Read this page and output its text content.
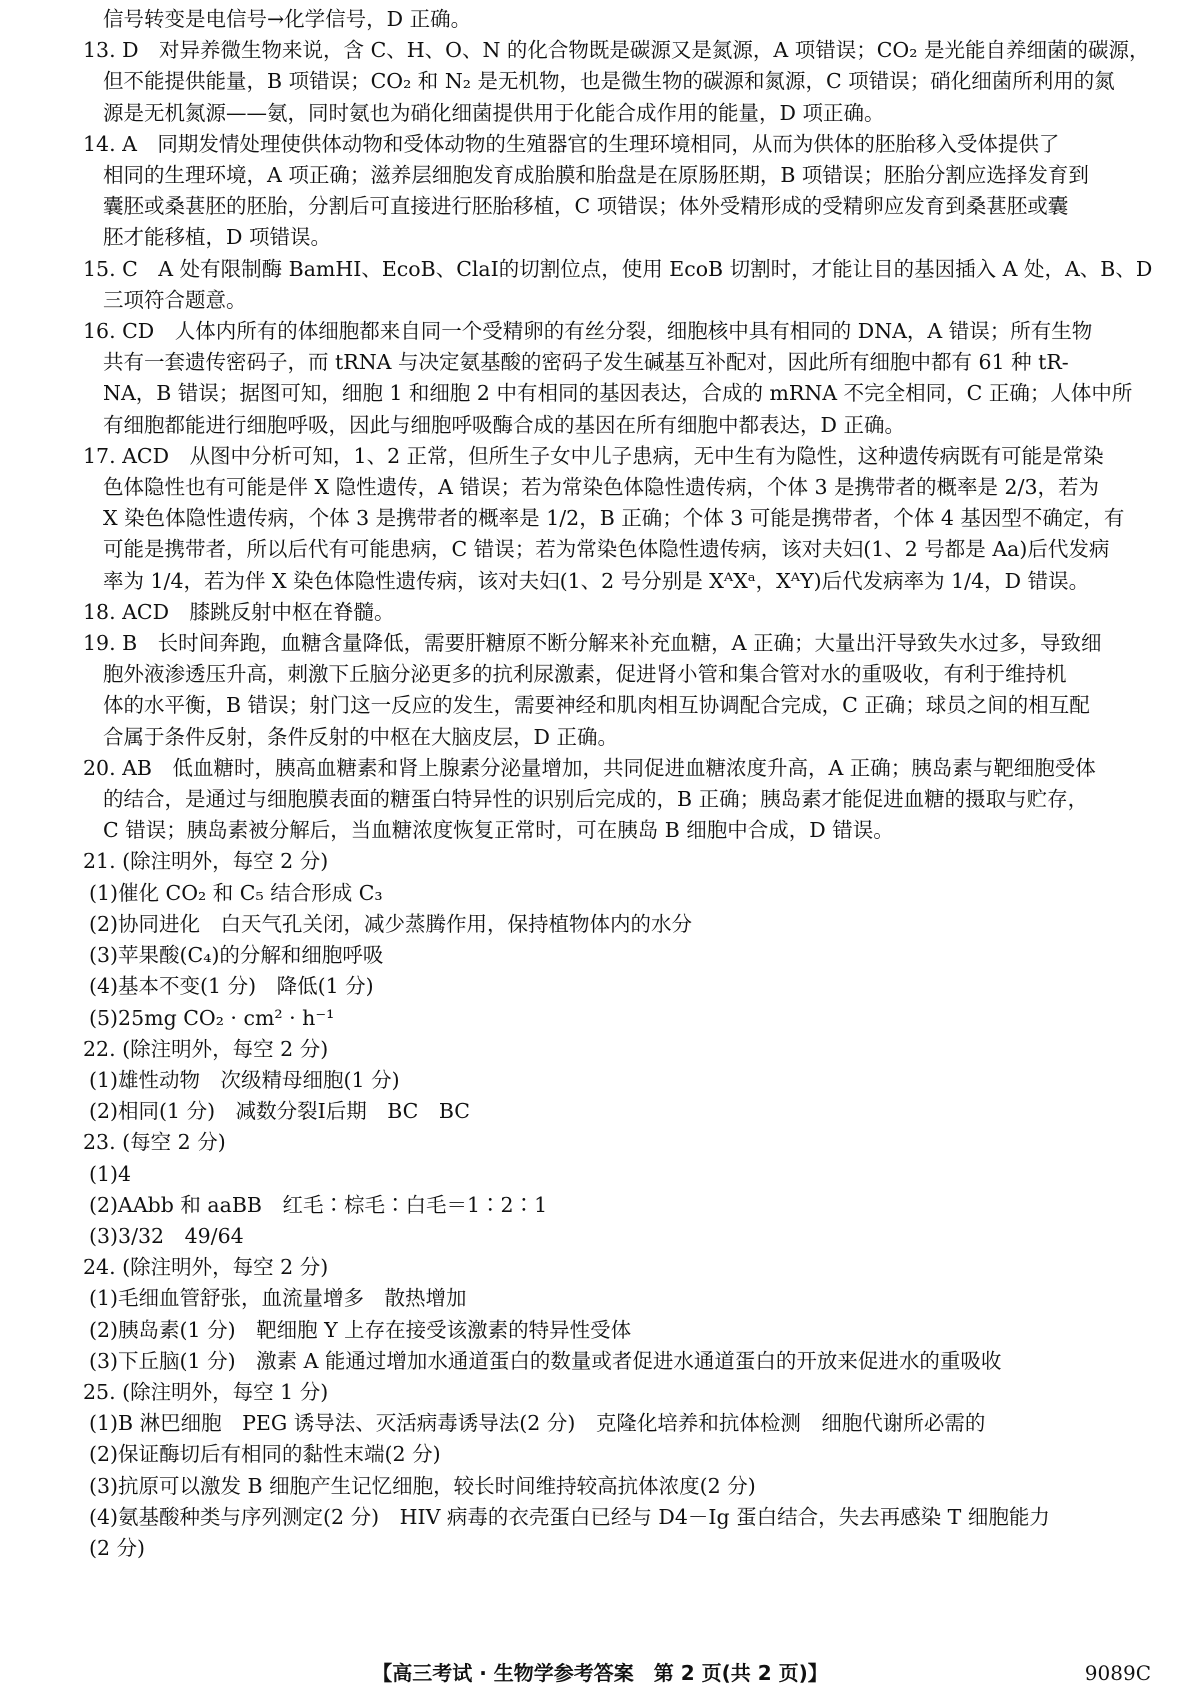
信号转变是电信号→化学信号，D 正确。
13. D　对异养微生物来说，含 C、H、O、N 的化合物既是碳源又是氮源，A 项错误；CO₂ 是光能自养细菌的碳源，
但不能提供能量，B 项错误；CO₂ 和 N₂ 是无机物，也是微生物的碳源和氮源，C 项错误；硝化细菌所利用的氮
源是无机氮源——氨，同时氨也为硝化细菌提供用于化能合成作用的能量，D 项正确。
14. A　同期发情处理使供体动物和受体动物的生殖器官的生理环境相同，从而为供体的胚胎移入受体提供了
相同的生理环境，A 项正确；滋养层细胞发育成胎膜和胎盘是在原肠胚期，B 项错误；胚胎分割应选择发育到
囊胚或桑葚胚的胚胎，分割后可直接进行胚胎移植，C 项错误；体外受精形成的受精卵应发育到桑葚胚或囊
胚才能移植，D 项错误。
15. C　A 处有限制酶 BamHⅠ、EcoB、ClaⅠ的切割位点，使用 EcoB 切割时，才能让目的基因插入 A 处，A、B、D
三项符合题意。
16. CD　人体内所有的体细胞都来自同一个受精卵的有丝分裂，细胞核中具有相同的 DNA，A 错误；所有生物
共有一套遗传密码子，而 tRNA 与决定氨基酸的密码子发生碱基互补配对，因此所有细胞中都有 61 种 tR-
NA，B 错误；据图可知，细胞 1 和细胞 2 中有相同的基因表达，合成的 mRNA 不完全相同，C 正确；人体中所
有细胞都能进行细胞呼吸，因此与细胞呼吸酶合成的基因在所有细胞中都表达，D 正确。
17. ACD　从图中分析可知，1、2 正常，但所生子女中儿子患病，无中生有为隐性，这种遗传病既有可能是常染
色体隐性也有可能是伴 X 隐性遗传，A 错误；若为常染色体隐性遗传病，个体 3 是携带者的概率是 2/3，若为
X 染色体隐性遗传病，个体 3 是携带者的概率是 1/2，B 正确；个体 3 可能是携带者，个体 4 基因型不确定，有
可能是携带者，所以后代有可能患病，C 错误；若为常染色体隐性遗传病，该对夫妇(1、2 号都是 Aa)后代发病
率为 1/4，若为伴 X 染色体隐性遗传病，该对夫妇(1、2 号分别是 XᴬXᵃ，XᴬY)后代发病率为 1/4，D 错误。
18. ACD　膝跳反射中枢在脊髓。
19. B　长时间奔跑，血糖含量降低，需要肝糖原不断分解来补充血糖，A 正确；大量出汗导致失水过多，导致细
胞外液渗透压升高，刺激下丘脑分泌更多的抗利尿激素，促进肾小管和集合管对水的重吸收，有利于维持机
体的水平衡，B 错误；射门这一反应的发生，需要神经和肌肉相互协调配合完成，C 正确；球员之间的相互配
合属于条件反射，条件反射的中枢在大脑皮层，D 正确。
20. AB　低血糖时，胰高血糖素和肾上腺素分泌量增加，共同促进血糖浓度升高，A 正确；胰岛素与靶细胞受体
的结合，是通过与细胞膜表面的糖蛋白特异性的识别后完成的，B 正确；胰岛素才能促进血糖的摄取与贮存，
C 错误；胰岛素被分解后，当血糖浓度恢复正常时，可在胰岛 B 细胞中合成，D 错误。
21. (除注明外，每空 2 分)
(1)催化 CO₂ 和 C₅ 结合形成 C₃
(2)协同进化　白天气孔关闭，减少蒸腾作用，保持植物体内的水分
(3)苹果酸(C₄)的分解和细胞呼吸
(4)基本不变(1 分)　降低(1 分)
(5)25mg CO₂ · cm² · h⁻¹
22. (除注明外，每空 2 分)
(1)雄性动物　次级精母细胞(1 分)
(2)相同(1 分)　减数分裂Ⅰ后期　BC　BC
23. (每空 2 分)
(1)4
(2)AAbb 和 aaBB　红毛∶棕毛∶白毛＝1∶2∶1
(3)3/32　49/64
24. (除注明外，每空 2 分)
(1)毛细血管舒张，血流量增多　散热增加
(2)胰岛素(1 分)　靶细胞 Y 上存在接受该激素的特异性受体
(3)下丘脑(1 分)　激素 A 能通过增加水通道蛋白的数量或者促进水通道蛋白的开放来促进水的重吸收
25. (除注明外，每空 1 分)
(1)B 淋巴细胞　PEG 诱导法、灭活病毒诱导法(2 分)　克隆化培养和抗体检测　细胞代谢所必需的
(2)保证酶切后有相同的黏性末端(2 分)
(3)抗原可以激发 B 细胞产生记忆细胞，较长时间维持较高抗体浓度(2 分)
(4)氨基酸种类与序列测定(2 分)　HIV 病毒的衣壳蛋白已经与 D4－Ig 蛋白结合，失去再感染 T 细胞能力
(2 分)
【高三考试 · 生物学参考答案　第 2 页(共 2 页)】	9089C
